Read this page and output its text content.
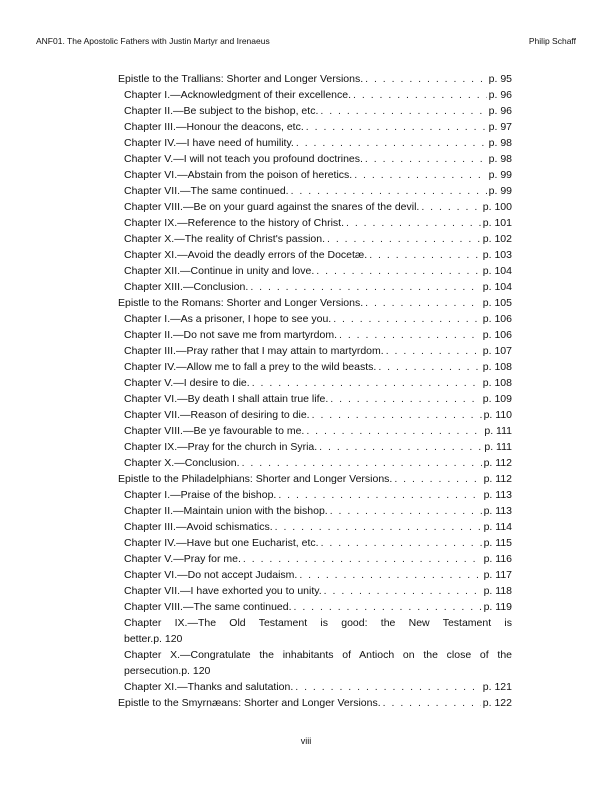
ANF01. The Apostolic Fathers with Justin Martyr and Irenaeus	Philip Schaff
Epistle to the Trallians: Shorter and Longer Versions. . . .	p. 95
Chapter I.—Acknowledgment of their excellence. . . .	p. 96
Chapter II.—Be subject to the bishop, etc. . . .	p. 96
Chapter III.—Honour the deacons, etc. . . .	p. 97
Chapter IV.—I have need of humility. . . .	p. 98
Chapter V.—I will not teach you profound doctrines. . . .	p. 98
Chapter VI.—Abstain from the poison of heretics. . . .	p. 99
Chapter VII.—The same continued. . . .	p. 99
Chapter VIII.—Be on your guard against the snares of the devil. . . .	p. 100
Chapter IX.—Reference to the history of Christ. . . .	p. 101
Chapter X.—The reality of Christ's passion. . . .	p. 102
Chapter XI.—Avoid the deadly errors of the Docetæ. . . .	p. 103
Chapter XII.—Continue in unity and love. . . .	p. 104
Chapter XIII.—Conclusion. . . .	p. 104
Epistle to the Romans: Shorter and Longer Versions. . . .	p. 105
Chapter I.—As a prisoner, I hope to see you. . . .	p. 106
Chapter II.—Do not save me from martyrdom. . . .	p. 106
Chapter III.—Pray rather that I may attain to martyrdom. . . .	p. 107
Chapter IV.—Allow me to fall a prey to the wild beasts. . . .	p. 108
Chapter V.—I desire to die. . . .	p. 108
Chapter VI.—By death I shall attain true life. . . .	p. 109
Chapter VII.—Reason of desiring to die. . . .	p. 110
Chapter VIII.—Be ye favourable to me. . . .	p. 111
Chapter IX.—Pray for the church in Syria. . . .	p. 111
Chapter X.—Conclusion. . . .	p. 112
Epistle to the Philadelphians: Shorter and Longer Versions. . . .	p. 112
Chapter I.—Praise of the bishop. . . .	p. 113
Chapter II.—Maintain union with the bishop. . . .	p. 113
Chapter III.—Avoid schismatics. . . .	p. 114
Chapter IV.—Have but one Eucharist, etc. . . .	p. 115
Chapter V.—Pray for me. . . .	p. 116
Chapter VI.—Do not accept Judaism. . . .	p. 117
Chapter VII.—I have exhorted you to unity. . . .	p. 118
Chapter VIII.—The same continued. . . .	p. 119
Chapter IX.—The Old Testament is good: the New Testament is
better. p. 120
Chapter X.—Congratulate the inhabitants of Antioch on the close of the
persecution. p. 120
Chapter XI.—Thanks and salutation. . . .	p. 121
Epistle to the Smyrnæans: Shorter and Longer Versions. . . .	p. 122
viii
